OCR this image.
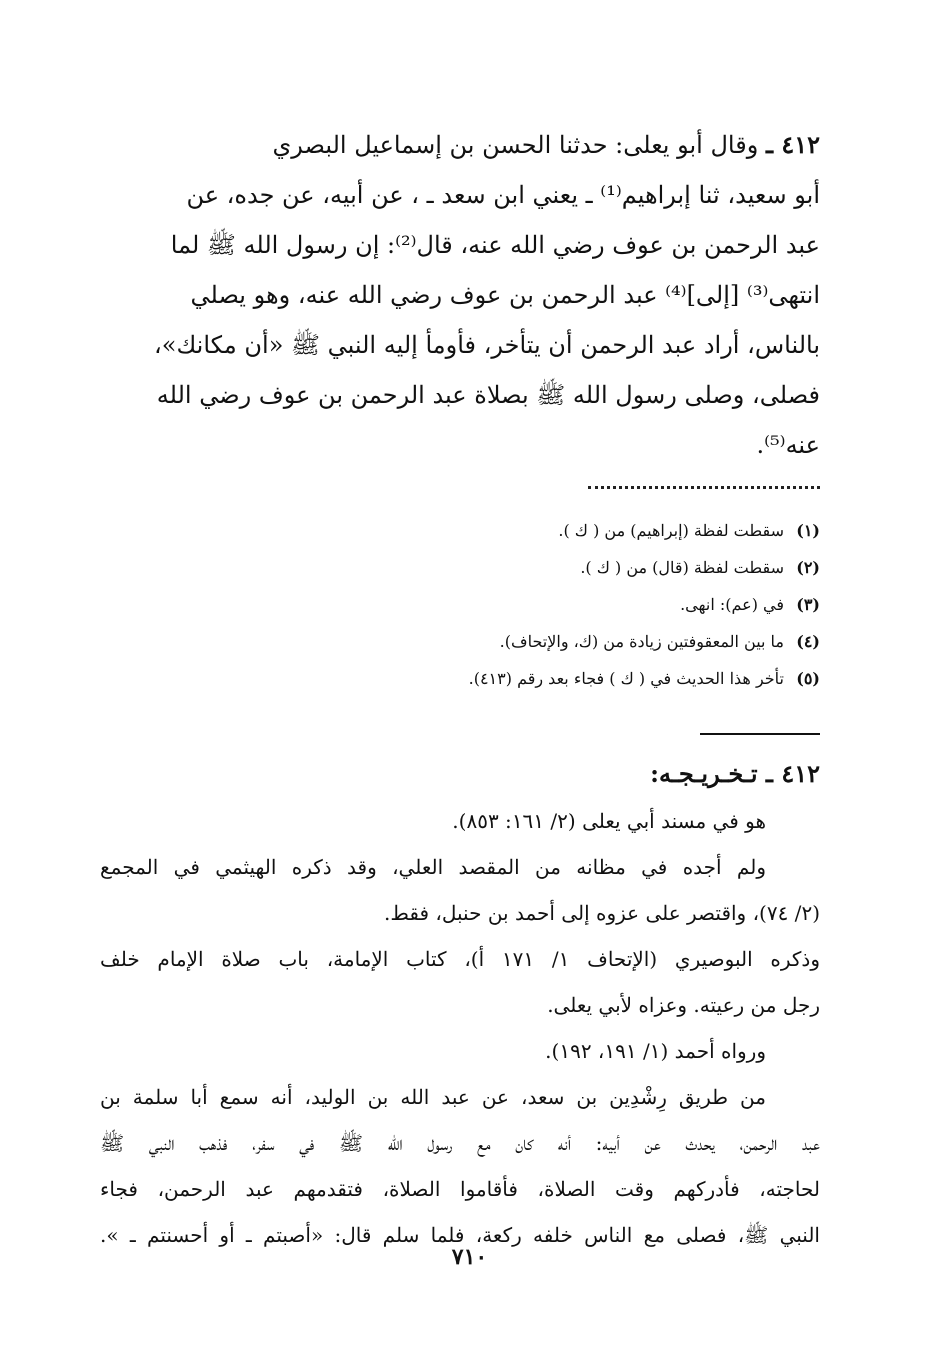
٤١٢ ـ وقال أبو يعلى: حدثنا الحسن بن إسماعيل البصري

أبو سعيد، ثنا إبراهيم⁽¹⁾ ـ يعني ابن سعد ـ ، عن أبيه، عن جده، عن

عبد الرحمن بن عوف رضي الله عنه، قال⁽²⁾: إن رسول الله ﷺ لما

انتهى⁽³⁾ [إلى]⁽⁴⁾ عبد الرحمن بن عوف رضي الله عنه، وهو يصلي

بالناس، أراد عبد الرحمن أن يتأخر، فأومأ إليه النبي ﷺ «أن مكانك»،

فصلى، وصلى رسول الله ﷺ بصلاة عبد الرحمن بن عوف رضي الله

عنه⁽⁵⁾.

(١)سقطت لفظة (إبراهيم) من ( ك ).
(٢)سقطت لفظة (قال) من ( ك ).
(٣)في (عم): انهى.
(٤)ما بين المعقوفتين زيادة من (ك، والإتحاف).
(٥)تأخر هذا الحديث في ( ك ) فجاء بعد رقم (٤١٣).
٤١٢ ـ تـخـريـجـه:

هو في مسند أبي يعلى (٢/ ١٦١: ٨٥٣).

ولم أجده في مظانه من المقصد العلي، وقد ذكره الهيثمي في المجمع

(٢/ ٧٤)، واقتصر على عزوه إلى أحمد بن حنبل، فقط.

وذكره البوصيري (الإتحاف ١/ ١٧١ أ)، كتاب الإمامة، باب صلاة الإمام خلف

رجل من رعيته. وعزاه لأبي يعلى.

ورواه أحمد (١/ ١٩١، ١٩٢).

من طريق رِشْدِين بن سعد، عن عبد الله بن الوليد، أنه سمع أبا سلمة بن

عبد الرحمن، يحدث عن أبيه: أنه كان مع رسول الله ﷺ في سفر، فذهب النبي ﷺ

لحاجته، فأدركهم وقت الصلاة، فأقاموا الصلاة، فتقدمهم عبد الرحمن، فجاء

النبي ﷺ، فصلى مع الناس خلفه ركعة، فلما سلم قال: «أصبتم ـ أو أحسنتم ـ ».

٧١٠
